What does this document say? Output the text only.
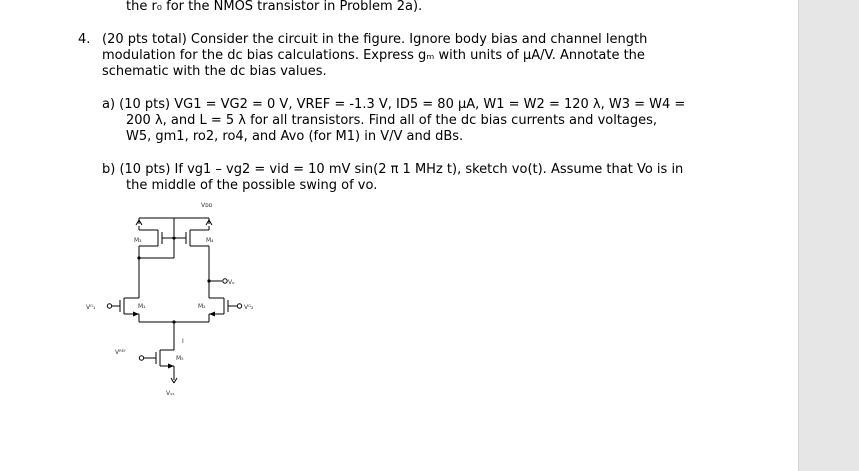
the r₀ for the NMOS transistor in Problem 2a).
4. (20 pts total) Consider the circuit in the figure. Ignore body bias and channel length
modulation for the dc bias calculations. Express gₘ with units of μA/V. Annotate the
schematic with the dc bias values.
a) (10 pts) VG1 = VG2 = 0 V, VREF = -1.3 V, ID5 = 80 μA, W1 = W2 = 120 λ, W3 = W4 =
200 λ, and L = 5 λ for all transistors. Find all of the dc bias currents and voltages,
W5, gm1, ro2, ro4, and Avo (for M1) in V/V and dBs.
b) (10 pts) If vg1 – vg2 = vid = 10 mV sin(2 π 1 MHz t), sketch vo(t). Assume that Vo is in
the middle of the possible swing of vo.
Vᴅᴅ
M₃	M₄
Vₒ
Vᴳ₁	M₁	M₂	Vᴳ₂
I
Vᴿᴱᶠ
M₅
Vₛₛ
